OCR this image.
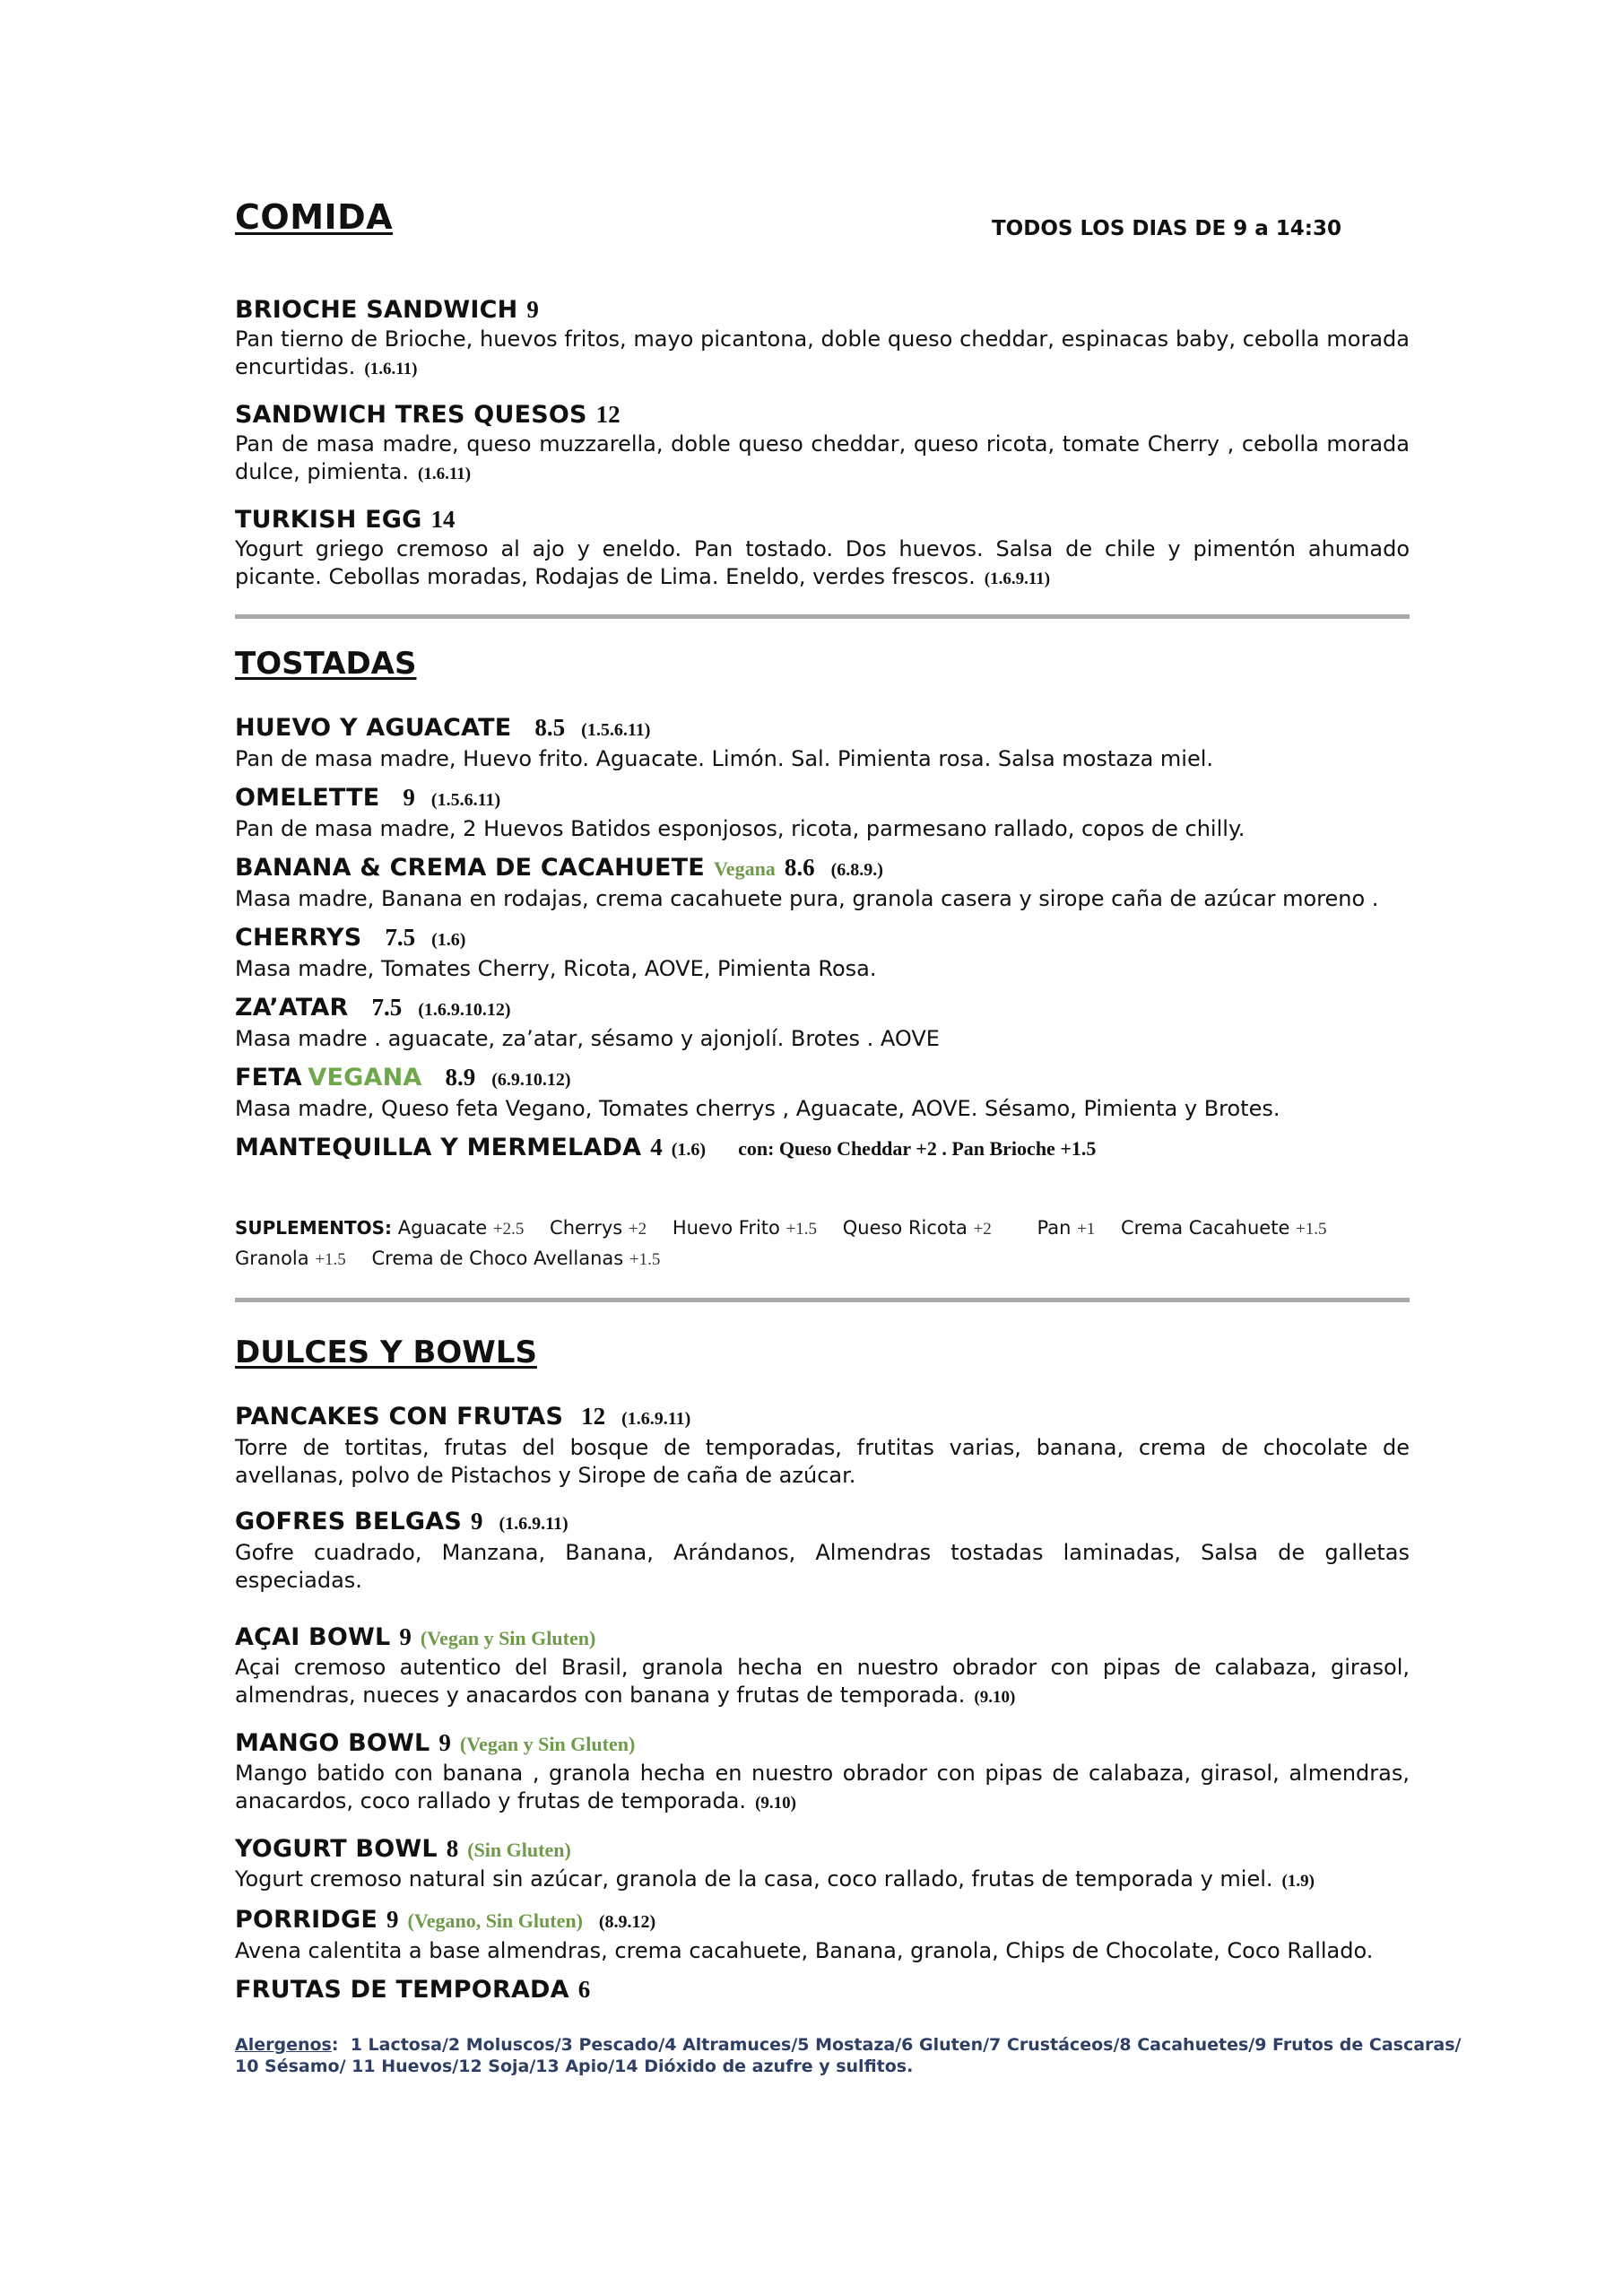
COMIDA	TODOS LOS DIAS DE 9 a 14:30
BRIOCHE SANDWICH 9
Pan tierno de Brioche, huevos fritos, mayo picantona, doble queso cheddar, espinacas baby, cebolla morada encurtidas. (1.6.11)
SANDWICH TRES QUESOS 12
Pan de masa madre, queso muzzarella, doble queso cheddar, queso ricota, tomate Cherry , cebolla morada dulce, pimienta. (1.6.11)
TURKISH EGG 14
Yogurt griego cremoso al ajo y eneldo. Pan tostado. Dos huevos. Salsa de chile y pimentón ahumado picante. Cebollas moradas, Rodajas de Lima. Eneldo, verdes frescos. (1.6.9.11)
TOSTADAS
HUEVO Y AGUACATE 8.5 (1.5.6.11)
Pan de masa madre, Huevo frito. Aguacate. Limón. Sal. Pimienta rosa. Salsa mostaza miel.
OMELETTE 9 (1.5.6.11)
Pan de masa madre, 2 Huevos Batidos esponjosos, ricota, parmesano rallado, copos de chilly.
BANANA & CREMA DE CACAHUETE Vegana 8.6 (6.8.9.)
Masa madre, Banana en rodajas, crema cacahuete pura, granola casera y sirope caña de azúcar moreno .
CHERRYS 7.5 (1.6)
Masa madre, Tomates Cherry, Ricota, AOVE, Pimienta Rosa.
ZA’ATAR 7.5 (1.6.9.10.12)
Masa madre . aguacate, za’atar, sésamo y ajonjolí. Brotes . AOVE
FETA VEGANA 8.9 (6.9.10.12)
Masa madre, Queso feta Vegano, Tomates cherrys , Aguacate, AOVE. Sésamo, Pimienta y Brotes.
MANTEQUILLA Y MERMELADA 4 (1.6) con: Queso Cheddar +2 . Pan Brioche +1.5
SUPLEMENTOS: Aguacate +2.5 Cherrys +2 Huevo Frito +1.5 Queso Ricota +2 Pan +1 Crema Cacahuete +1.5
Granola +1.5 Crema de Choco Avellanas +1.5
DULCES Y BOWLS
PANCAKES CON FRUTAS 12 (1.6.9.11)
Torre de tortitas, frutas del bosque de temporadas, frutitas varias, banana, crema de chocolate de avellanas, polvo de Pistachos y Sirope de caña de azúcar.
GOFRES BELGAS 9 (1.6.9.11)
Gofre cuadrado, Manzana, Banana, Arándanos, Almendras tostadas laminadas, Salsa de galletas especiadas.
AÇAI BOWL 9 (Vegan y Sin Gluten)
Açai cremoso autentico del Brasil, granola hecha en nuestro obrador con pipas de calabaza, girasol, almendras, nueces y anacardos con banana y frutas de temporada. (9.10)
MANGO BOWL 9 (Vegan y Sin Gluten)
Mango batido con banana , granola hecha en nuestro obrador con pipas de calabaza, girasol, almendras, anacardos, coco rallado y frutas de temporada. (9.10)
YOGURT BOWL 8 (Sin Gluten)
Yogurt cremoso natural sin azúcar, granola de la casa, coco rallado, frutas de temporada y miel. (1.9)
PORRIDGE 9 (Vegano, Sin Gluten) (8.9.12)
Avena calentita a base almendras, crema cacahuete, Banana, granola, Chips de Chocolate, Coco Rallado.
FRUTAS DE TEMPORADA 6
Alergenos:  1 Lactosa/2 Moluscos/3 Pescado/4 Altramuces/5 Mostaza/6 Gluten/7 Crustáceos/8 Cacahuetes/9 Frutos de Cascaras/ 10 Sésamo/ 11 Huevos/12 Soja/13 Apio/14 Dióxido de azufre y sulfitos.
